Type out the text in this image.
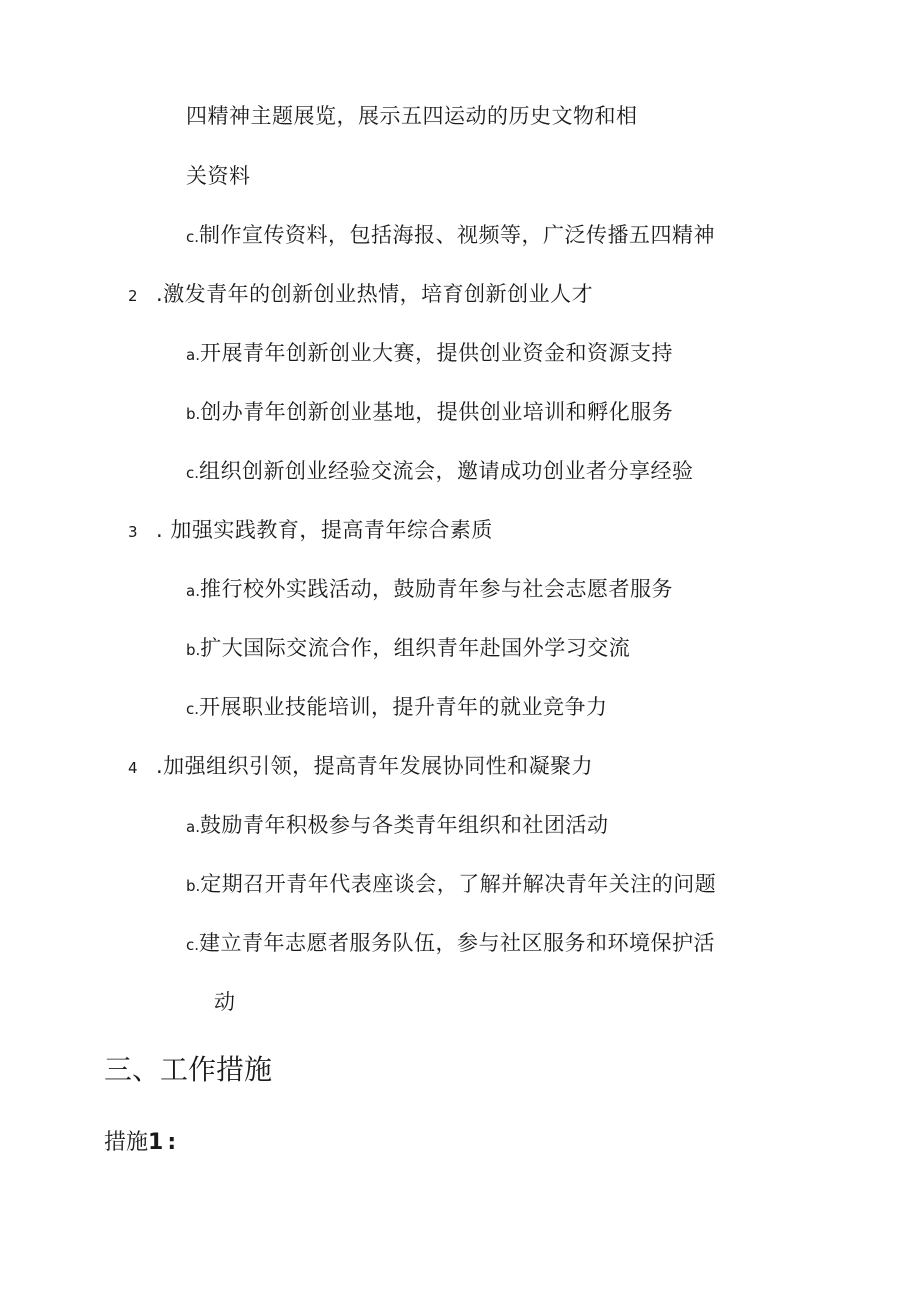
四精神主题展览，展示五四运动的历史文物和相
关资料
c.制作宣传资料，包括海报、视频等，广泛传播五四精神
2 .激发青年的创新创业热情，培育创新创业人才
a.开展青年创新创业大赛，提供创业资金和资源支持
b.创办青年创新创业基地，提供创业培训和孵化服务
c.组织创新创业经验交流会，邀请成功创业者分享经验
3 . 加强实践教育，提高青年综合素质
a.推行校外实践活动，鼓励青年参与社会志愿者服务
b.扩大国际交流合作，组织青年赴国外学习交流
c.开展职业技能培训，提升青年的就业竞争力
4 .加强组织引领，提高青年发展协同性和凝聚力
a.鼓励青年积极参与各类青年组织和社团活动
b.定期召开青年代表座谈会，了解并解决青年关注的问题
c.建立青年志愿者服务队伍，参与社区服务和环境保护活
动
三、工作措施
措施1 :
